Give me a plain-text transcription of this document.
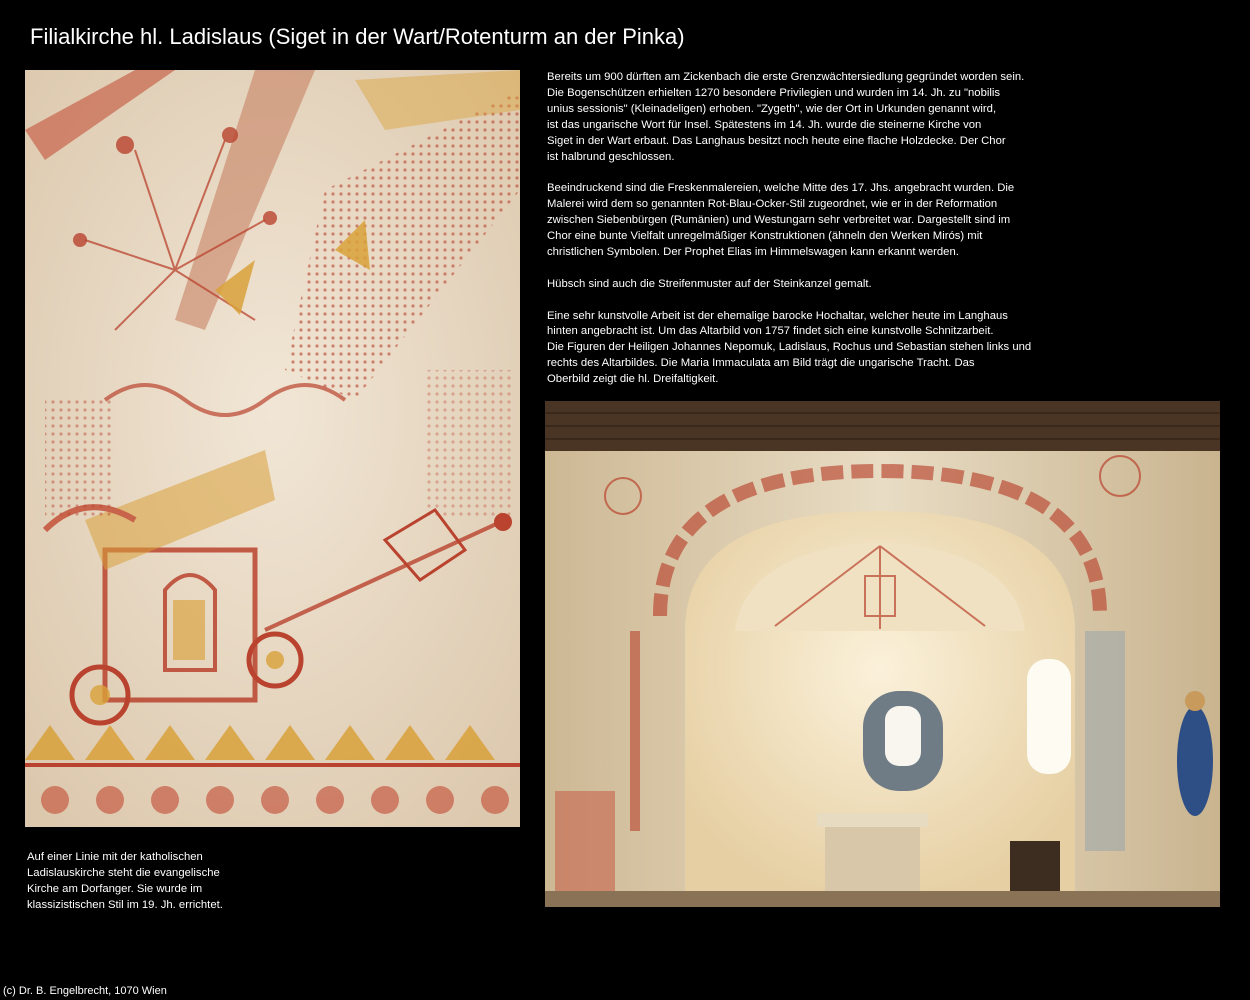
Filialkirche hl. Ladislaus (Siget in der Wart/Rotenturm an der Pinka)

Bereits um 900 dürften am Zickenbach die erste Grenzwächtersiedlung gegründet worden sein.
Die Bogenschützen erhielten 1270 besondere Privilegien und wurden im 14. Jh. zu "nobilis
unius sessionis" (Kleinadeligen) erhoben. "Zygeth", wie der Ort in Urkunden genannt wird,
ist das ungarische Wort für Insel. Spätestens im 14. Jh. wurde die steinerne Kirche von
Siget in der Wart erbaut. Das Langhaus besitzt noch heute eine flache Holzdecke. Der Chor
ist halbrund geschlossen.

Beeindruckend sind die Freskenmalereien, welche Mitte des 17. Jhs. angebracht wurden. Die
Malerei wird dem so genannten Rot-Blau-Ocker-Stil zugeordnet, wie er in der Reformation
zwischen Siebenbürgen (Rumänien) und Westungarn sehr verbreitet war. Dargestellt sind im
Chor eine bunte Vielfalt unregelmäßiger Konstruktionen (ähneln den Werken Mirós) mit
christlichen Symbolen. Der Prophet Elias im Himmelswagen kann erkannt werden.

Hübsch sind auch die Streifenmuster auf der Steinkanzel gemalt.

Eine sehr kunstvolle Arbeit ist der ehemalige barocke Hochaltar, welcher heute im Langhaus
hinten angebracht ist. Um das Altarbild von 1757 findet sich eine kunstvolle Schnitzarbeit.
Die Figuren der Heiligen Johannes Nepomuk, Ladislaus, Rochus und Sebastian stehen links und
rechts des Altarbildes. Die Maria Immaculata am Bild trägt die ungarische Tracht. Das
Oberbild zeigt die hl. Dreifaltigkeit.

Auf einer Linie mit der katholischen
Ladislauskirche steht die evangelische
Kirche am Dorfanger. Sie wurde im
klassizistischen Stil im 19. Jh. errichtet.
(c) Dr. B. Engelbrecht, 1070 Wien
